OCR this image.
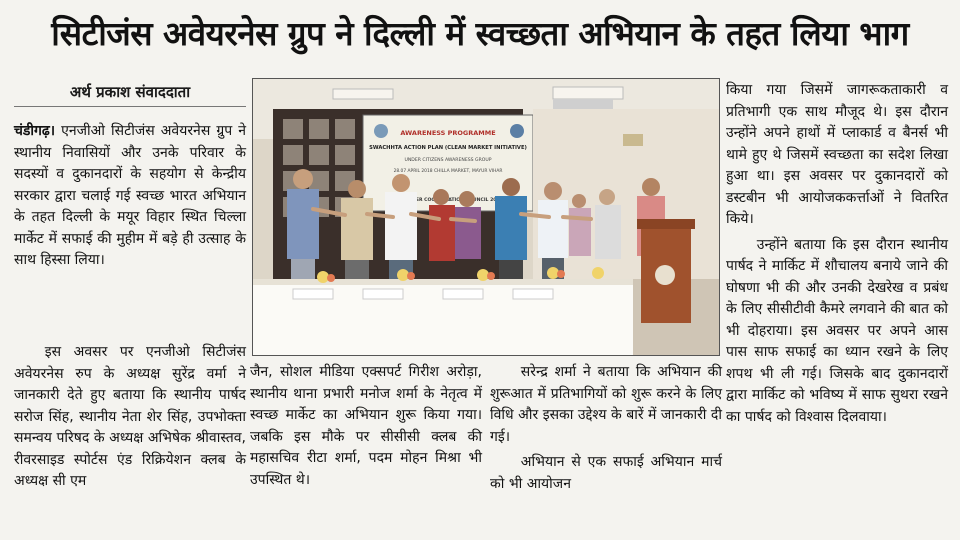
सिटीजंस अवेयरनेस ग्रुप ने दिल्ली में स्वच्छता अभियान के तहत लिया भाग
अर्थ प्रकाश संवाददाता

चंडीगढ़। एनजीओ सिटीजंस अवेयरनेस ग्रुप ने स्थानीय निवासियों और उनके परिवार के सदस्यों व दुकानदारों के सहयोग से केन्द्रीय सरकार द्वारा चलाई गई स्वच्छ भारत अभियान के तहत दिल्ली के मयूर विहार स्थित चिल्ला मार्केट में सफाई की मुहीम में बड़े ही उत्साह के साथ हिस्सा लिया।

इस अवसर पर एनजीओ सिटीजंस अवेयरनेस रुप के अध्यक्ष सुरेंद्र वर्मा ने जानकारी देते हुए बताया कि स्थानीय पार्षद सरोज सिंह, स्थानीय नेता शेर सिंह, उपभोक्ता समन्वय परिषद के अध्यक्ष अभिषेक श्रीवास्तव, रीवरसाइड स्पोर्टस एंड रिक्रियेशन क्लब के अध्यक्ष सी एम

AWARENESS PROGRAMME
SWACHHTA ACTION PLAN (CLEAN MARKET INITIATIVE)
UNDER CITIZENS AWARENESS GROUP
28.07 APRIL 2018 CHILLA MARKET, MAYUR VIHAR
COUNCIL

जैन, सोशल मीडिया एक्सपर्ट गिरीश अरोड़ा, स्थानीय थाना प्रभारी मनोज शर्मा के नेतृत्व में स्वच्छ मार्केट का अभियान शुरू किया गया। जबकि इस मौके पर सीसीसी क्लब की महासचिव रीटा शर्मा, पदम मोहन मिश्रा भी उपस्थित थे।

सरेन्द्र शर्मा ने बताया कि अभियान की शुरूआत में प्रतिभागियों को शुरू करने के लिए विधि और इसका उद्देश्य के बारें में जानकारी दी गई।

अभियान से एक सफाई अभियान मार्च को भी आयोजन

किया गया जिसमें जागरूकताकारी व प्रतिभागी एक साथ मौजूद थे। इस दौरान उन्होंने अपने हाथों में प्लाकार्ड व बैनर्स भी थामे हुए थे जिसमें स्वच्छता का सदेश लिखा हुआ था। इस अवसर पर दुकानदारों को डस्टबीन भी आयोजककर्त्ताओं ने वितरित किये।

उन्होंने बताया कि इस दौरान स्थानीय पार्षद ने मार्किट में शौचालय बनाये जाने की घोषणा भी की और उनकी देखरेख व प्रबंध के लिए सीसीटीवी कैमरे लगवाने की बात को भी दोहराया। इस अवसर पर अपने आस पास साफ सफाई का ध्यान रखने के लिए शपथ भी ली गई। जिसके बाद दुकानदारों द्वारा मार्किट को भविष्य में साफ सुथरा रखने का पार्षद को विश्वास दिलवाया।
